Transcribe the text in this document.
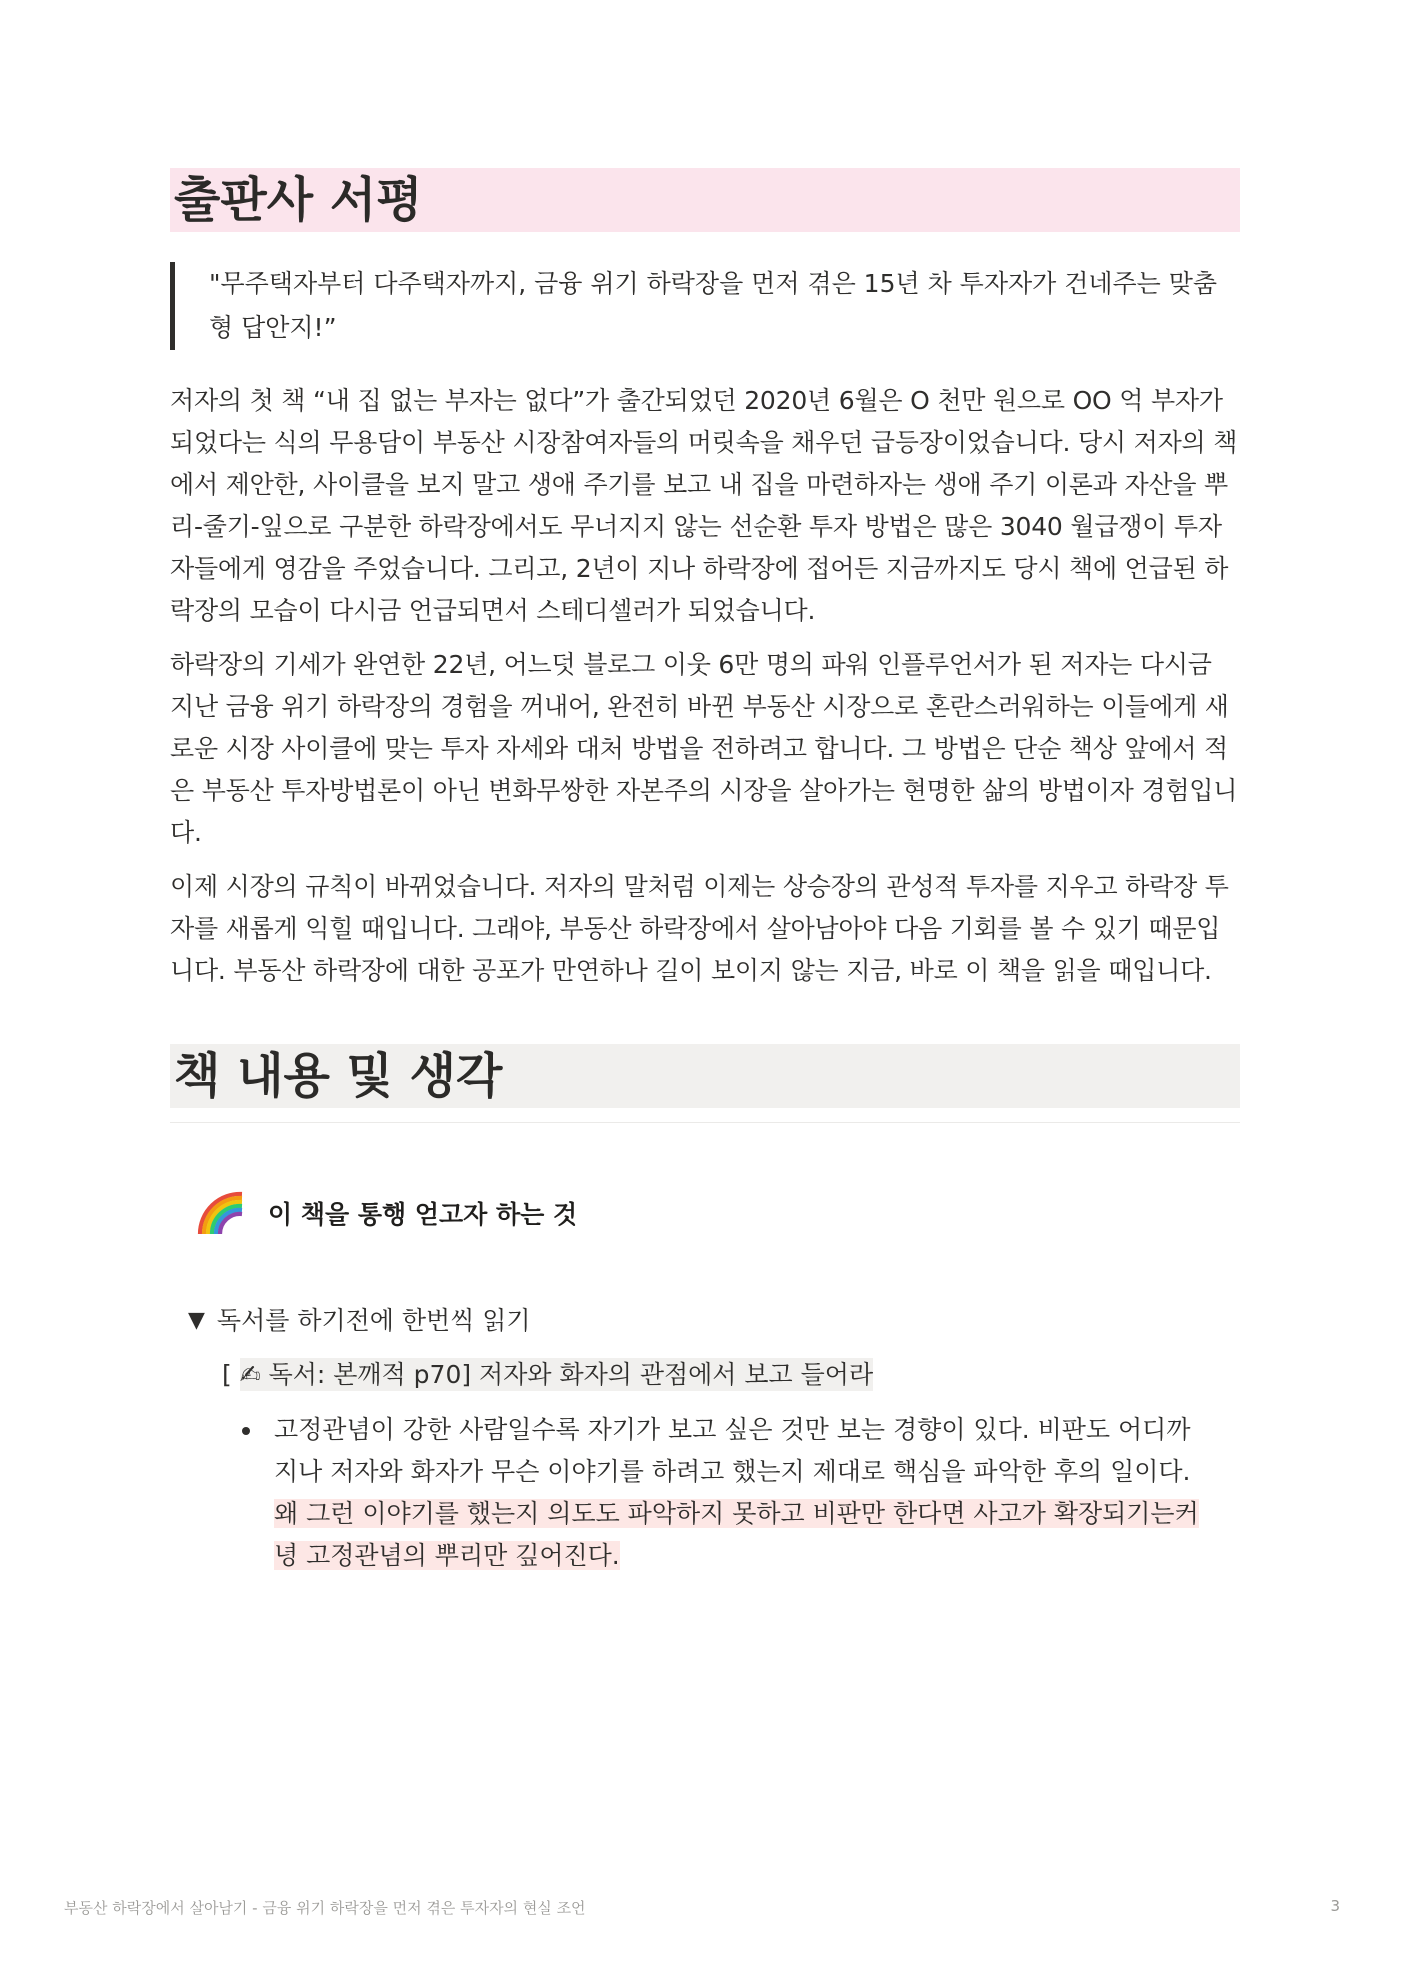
출판사 서평
"무주택자부터 다주택자까지, 금융 위기 하락장을 먼저 겪은 15년 차 투자자가 건네주는 맞춤형 답안지!”

저자의 첫 책 “내 집 없는 부자는 없다”가 출간되었던 2020년 6월은 O 천만 원으로 OO 억 부자가 되었다는 식의 무용담이 부동산 시장참여자들의 머릿속을 채우던 급등장이었습니다. 당시 저자의 책에서 제안한, 사이클을 보지 말고 생애 주기를 보고 내 집을 마련하자는 생애 주기 이론과 자산을 뿌리-줄기-잎으로 구분한 하락장에서도 무너지지 않는 선순환 투자 방법은 많은 3040 월급쟁이 투자자들에게 영감을 주었습니다. 그리고, 2년이 지나 하락장에 접어든 지금까지도 당시 책에 언급된 하락장의 모습이 다시금 언급되면서 스테디셀러가 되었습니다.

하락장의 기세가 완연한 22년, 어느덧 블로그 이웃 6만 명의 파워 인플루언서가 된 저자는 다시금 지난 금융 위기 하락장의 경험을 꺼내어, 완전히 바뀐 부동산 시장으로 혼란스러워하는 이들에게 새로운 시장 사이클에 맞는 투자 자세와 대처 방법을 전하려고 합니다. 그 방법은 단순 책상 앞에서 적은 부동산 투자방법론이 아닌 변화무쌍한 자본주의 시장을 살아가는 현명한 삶의 방법이자 경험입니다.

이제 시장의 규칙이 바뀌었습니다. 저자의 말처럼 이제는 상승장의 관성적 투자를 지우고 하락장 투자를 새롭게 익힐 때입니다. 그래야, 부동산 하락장에서 살아남아야 다음 기회를 볼 수 있기 때문입니다. 부동산 하락장에 대한 공포가 만연하나 길이 보이지 않는 지금, 바로 이 책을 읽을 때입니다.

책 내용 및 생각
이 책을 통행 얻고자 하는 것
▼ 독서를 하기전에 한번씩 읽기
[ ✍ 독서: 본깨적 p70] 저자와 화자의 관점에서 보고 들어라
고정관념이 강한 사람일수록 자기가 보고 싶은 것만 보는 경향이 있다. 비판도 어디까지나 저자와 화자가 무슨 이야기를 하려고 했는지 제대로 핵심을 파악한 후의 일이다. 왜 그런 이야기를 했는지 의도도 파악하지 못하고 비판만 한다면 사고가 확장되기는커녕 고정관념의 뿌리만 깊어진다.
부동산 하락장에서 살아남기 - 금융 위기 하락장을 먼저 겪은 투자자의 현실 조언	3
